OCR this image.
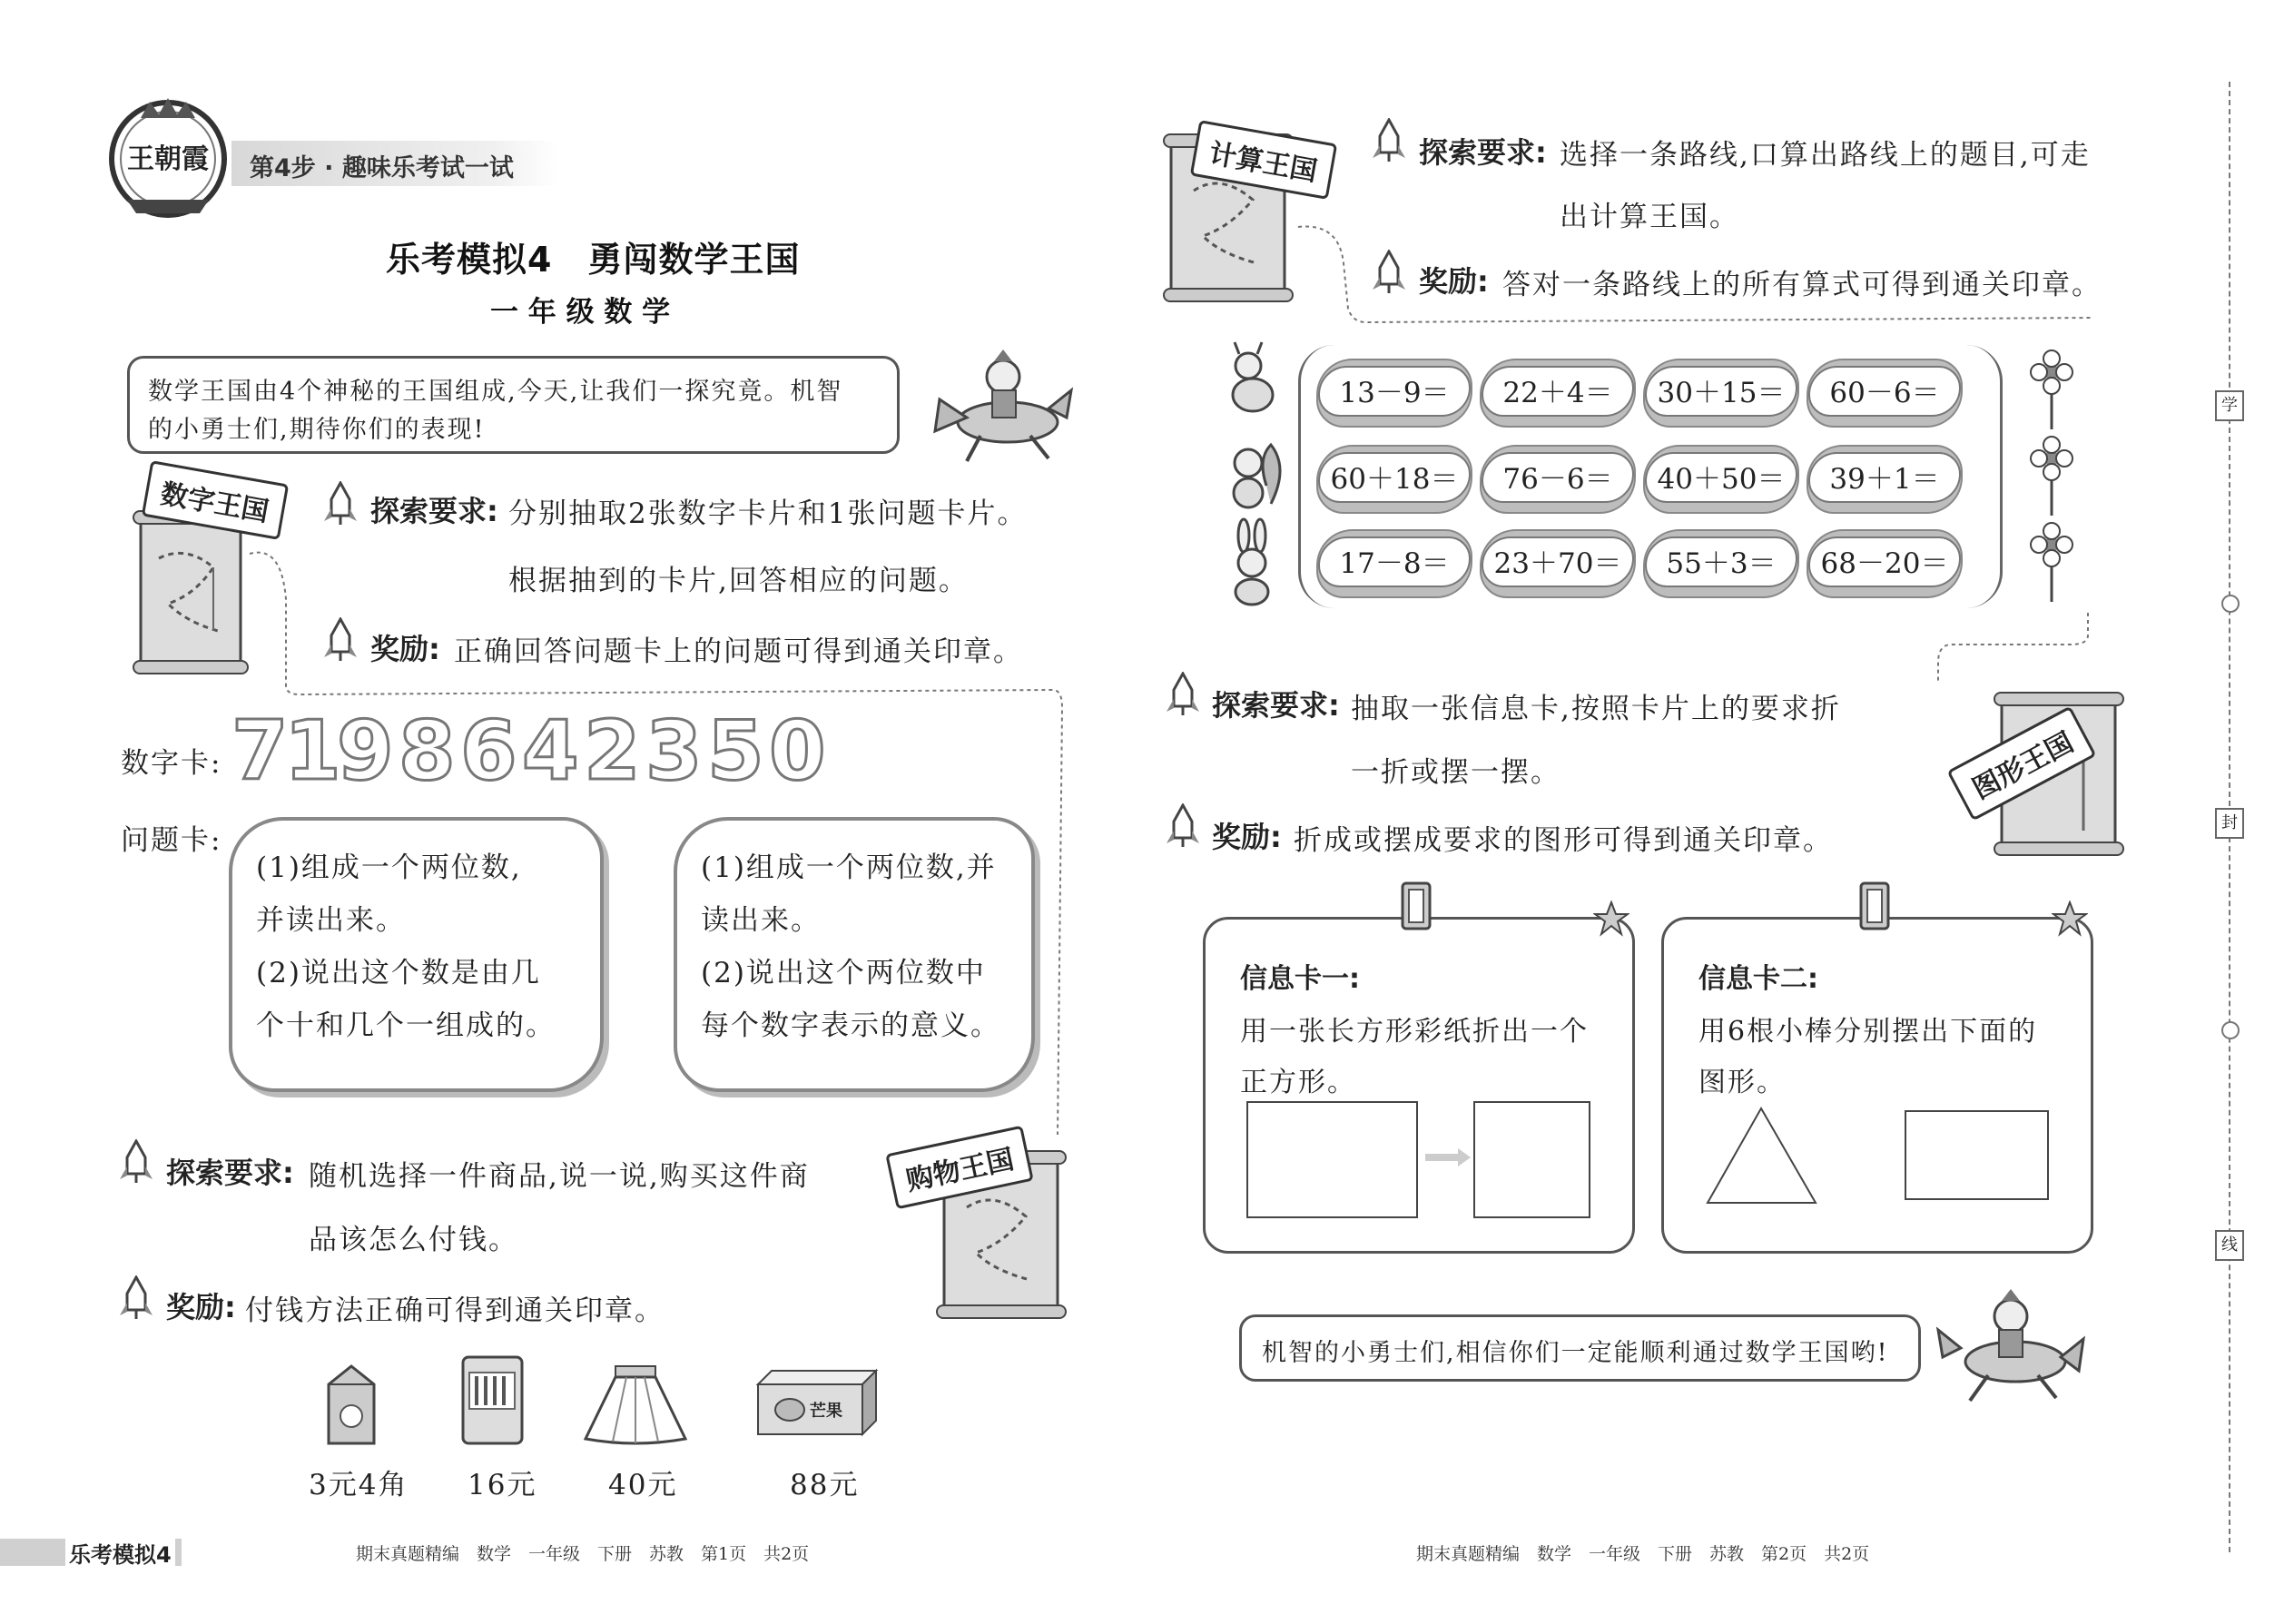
王朝霞	第4步 · 趣味乐考试一试
乐考模拟4　勇闯数学王国
一 年 级 数 学
数学王国由4个神秘的王国组成,今天,让我们一探究竟。机智
的小勇士们,期待你们的表现!
数字王国	探索要求: 分别抽取2张数字卡片和1张问题卡片。
根据抽到的卡片,回答相应的问题。
奖励: 正确回答问题卡上的问题可得到通关印章。
数字卡: 7
1
9 8 6 4 2 3 5 0
问题卡:
(1)组成一个两位数,
并读出来。
(2)说出这个数是由几
个十和几个一组成的。
(1)组成一个两位数,并
读出来。
(2)说出这个两位数中
每个数字表示的意义。
购物王国
探索要求: 随机选择一件商品,说一说,购买这件商
品该怎么付钱。
奖励: 付钱方法正确可得到通关印章。
3元4角 16元	40元
芒果
88元
乐考模拟4	期末真题精编　数学　一年级　下册　苏教　第1页　共2页
计算王国	探索要求: 选择一条路线,口算出路线上的题目,可走
出计算王国。
奖励: 答对一条路线上的所有算式可得到通关印章。
13－9＝	22＋4＝	30＋15＝	60－6＝
60＋18＝	76－6＝	40＋50＝	39＋1＝
17－8＝	23＋70＝	55＋3＝	68－20＝
图形王国
探索要求: 抽取一张信息卡,按照卡片上的要求折
一折或摆一摆。
奖励: 折成或摆成要求的图形可得到通关印章。
信息卡一:
用一张长方形彩纸折出一个
正方形。
信息卡二:
用6根小棒分别摆出下面的
图形。
机智的小勇士们,相信你们一定能顺利通过数学王国哟!
学
封
线
期末真题精编　数学　一年级　下册　苏教　第2页　共2页
